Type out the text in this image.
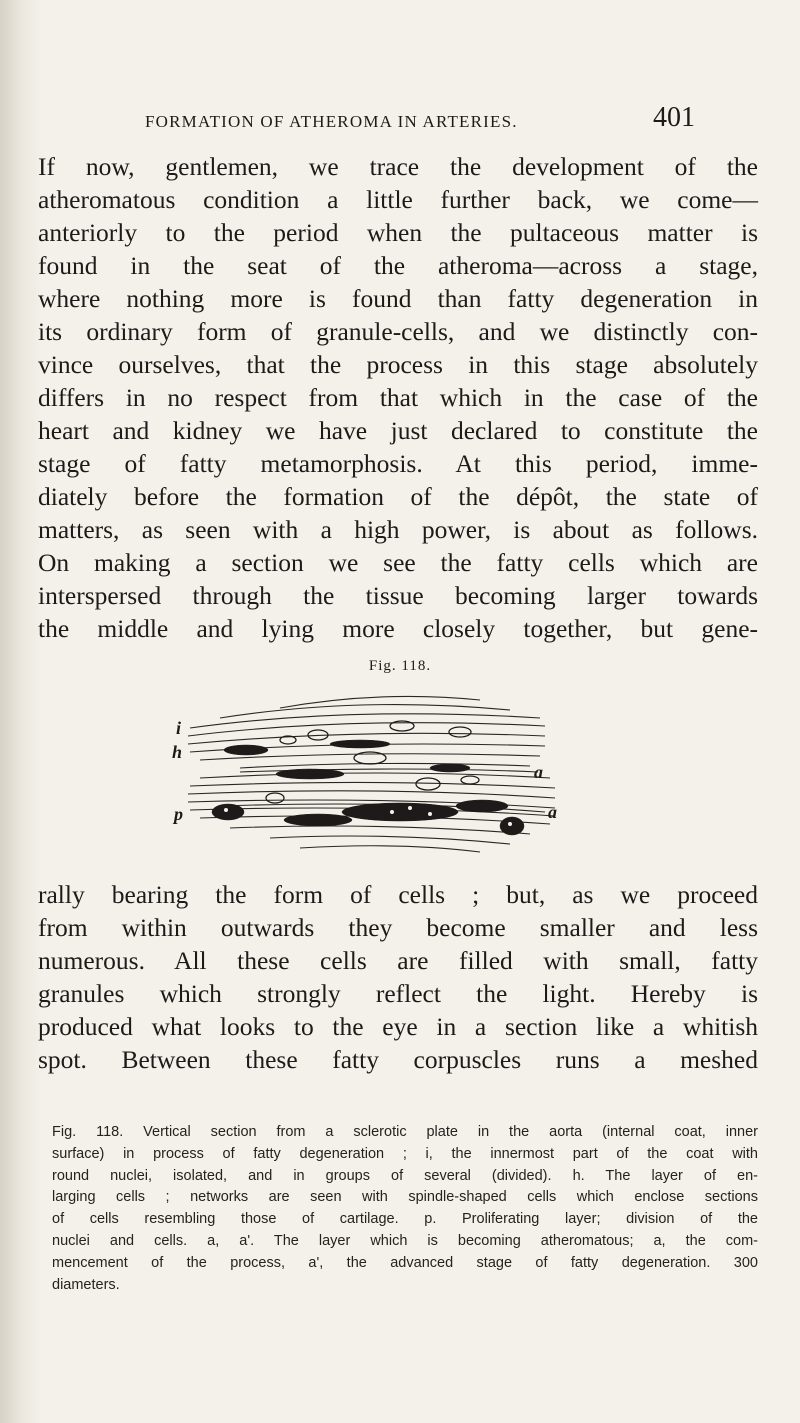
FORMATION OF ATHEROMA IN ARTERIES.	401
If now, gentlemen, we trace the development of the
atheromatous condition a little further back, we come—
anteriorly to the period when the pultaceous matter is
found in the seat of the atheroma—across a stage,
where nothing more is found than fatty degeneration in
its ordinary form of granule-cells, and we distinctly con-
vince ourselves, that the process in this stage absolutely
differs in no respect from that which in the case of the
heart and kidney we have just declared to constitute the
stage of fatty metamorphosis. At this period, imme-
diately before the formation of the dépôt, the state of
matters, as seen with a high power, is about as follows.
On making a section we see the fatty cells which are
interspersed through the tissue becoming larger towards
the middle and lying more closely together, but gene-
Fig. 118.
i
h
a
p	a
rally bearing the form of cells ; but, as we proceed
from within outwards they become smaller and less
numerous. All these cells are filled with small, fatty
granules which strongly reflect the light. Hereby is
produced what looks to the eye in a section like a whitish
spot. Between these fatty corpuscles runs a meshed
Fig. 118. Vertical section from a sclerotic plate in the aorta (internal coat, inner
surface) in process of fatty degeneration ; i, the innermost part of the coat with
round nuclei, isolated, and in groups of several (divided). h. The layer of en-
larging cells ; networks are seen with spindle-shaped cells which enclose sections
of cells resembling those of cartilage. p. Proliferating layer; division of the
nuclei and cells. a, a'. The layer which is becoming atheromatous; a, the com-
mencement of the process, a', the advanced stage of fatty degeneration. 300
diameters.
